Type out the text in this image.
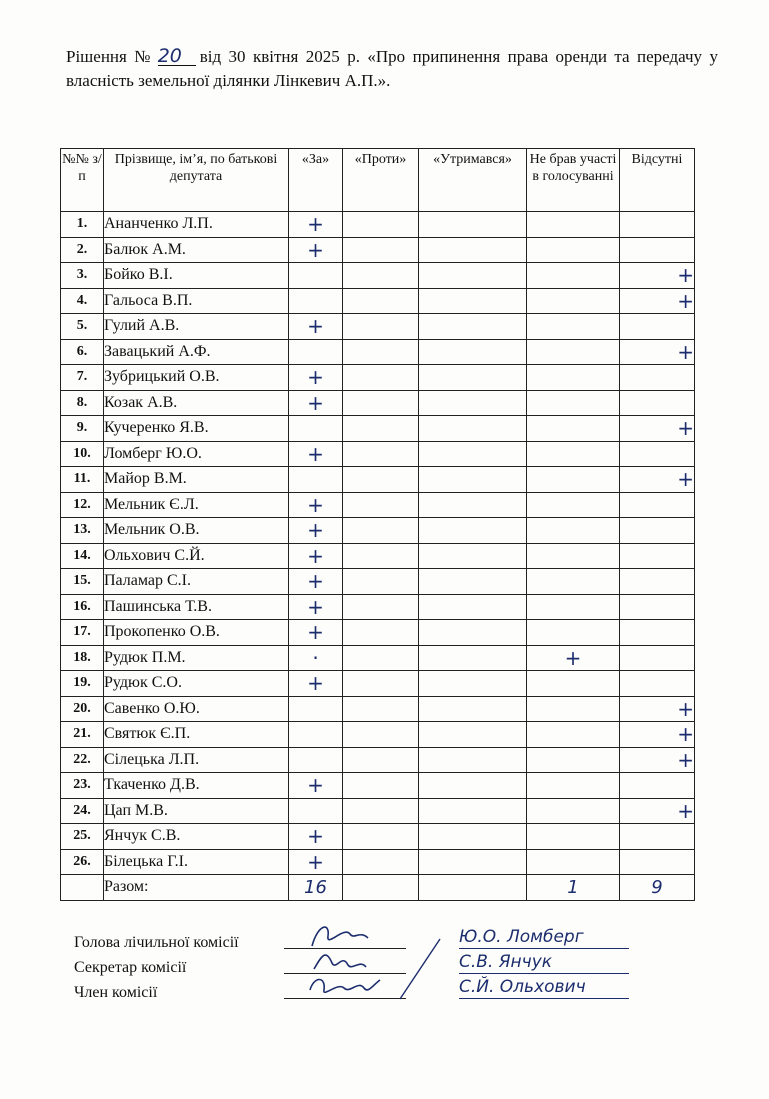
Рішення № 20 від 30 квітня 2025 р. «Про припинення права оренди та передачу у власність земельної ділянки Лінкевич А.П.».
№№ з/п	Прізвище, ім’я, по батькові депутата	«За»	«Проти»	«Утримався»	Не брав участі в голосуванні	Відсутні
1.	Ананченко Л.П.	+				
2.	Балюк А.М.	+				
3.	Бойко В.І.					+
4.	Гальоса В.П.					+
5.	Гулий А.В.	+				
6.	Завацький А.Ф.					+
7.	Зубрицький О.В.	+				
8.	Козак А.В.	+				
9.	Кучеренко Я.В.					+
10.	Ломберг Ю.О.	+				
11.	Майор В.М.					+
12.	Мельник Є.Л.	+				
13.	Мельник О.В.	+				
14.	Ольхович С.Й.	+				
15.	Паламар С.І.	+				
16.	Пашинська Т.В.	+				
17.	Прокопенко О.В.	+				
18.	Рудюк П.М.	·			+	
19.	Рудюк С.О.	+				
20.	Савенко О.Ю.					+
21.	Святюк Є.П.					+
22.	Сілецька Л.П.					+
23.	Ткаченко Д.В.	+				
24.	Цап М.В.					+
25.	Янчук С.В.	+				
26.	Білецька Г.І.	+				
	Разом:	16			1	9
Голова лічильної комісії	Ю.О. Ломберг
Секретар комісії	С.В. Янчук
Член комісії	С.Й. Ольхович
